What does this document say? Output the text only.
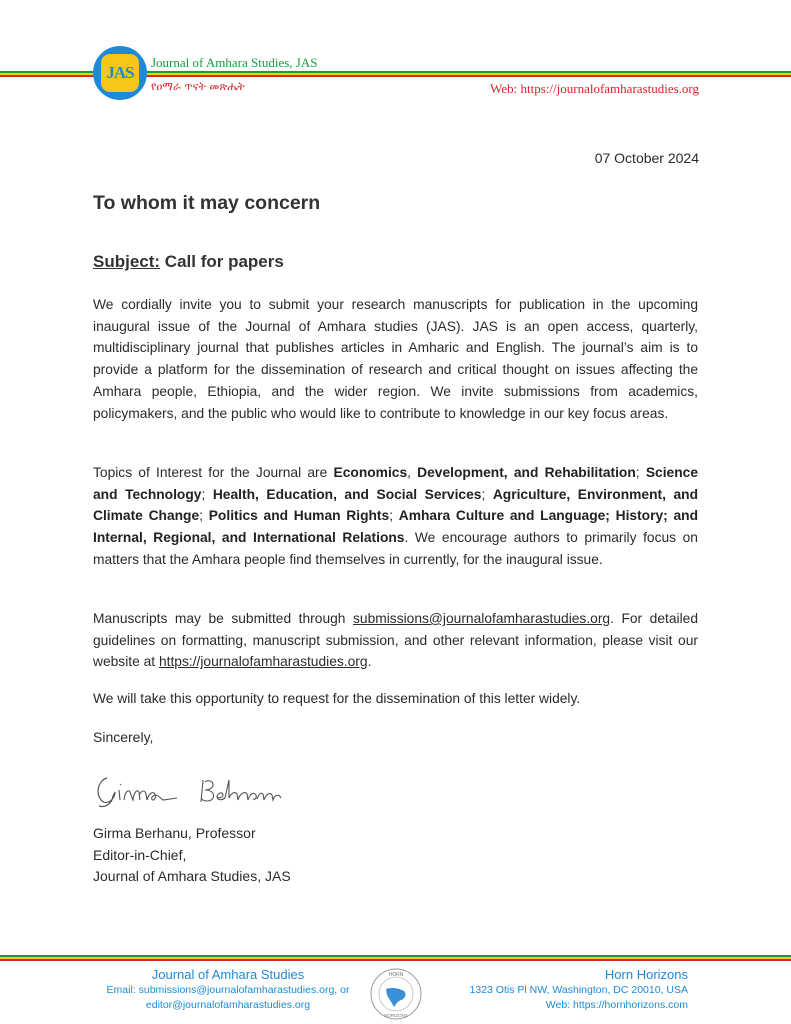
JAS
Journal of Amhara Studies, JAS
የዐማራ ጥናት መጽሔት	Web: https://journalofamharastudies.org
07 October 2024
To whom it may concern
Subject: Call for papers

We cordially invite you to submit your research manuscripts for publication in the upcoming inaugural issue of the Journal of Amhara studies (JAS). JAS is an open access, quarterly, multidisciplinary journal that publishes articles in Amharic and English. The journal’s aim is to provide a platform for the dissemination of research and critical thought on issues affecting the Amhara people, Ethiopia, and the wider region. We invite submissions from academics, policymakers, and the public who would like to contribute to knowledge in our key focus areas.

Topics of Interest for the Journal are Economics, Development, and Rehabilitation; Science and Technology; Health, Education, and Social Services; Agriculture, Environment, and Climate Change; Politics and Human Rights; Amhara Culture and Language; History; and Internal, Regional, and International Relations. We encourage authors to primarily focus on matters that the Amhara people find themselves in currently, for the inaugural issue.

Manuscripts may be submitted through submissions@journalofamharastudies.org. For detailed guidelines on formatting, manuscript submission, and other relevant information, please visit our website at https://journalofamharastudies.org.

We will take this opportunity to request for the dissemination of this letter widely.

Sincerely,
Girma Berhanu, Professor
Editor-in-Chief,
Journal of Amhara Studies, JAS
Journal of Amhara Studies
Email: submissions@journalofamharastudies.org, or
editor@journalofamharastudies.org
HORN
HORIZONS
Horn Horizons
1323 Otis Pl NW, Washington, DC 20010, USA
Web: https://hornhorizons.com
